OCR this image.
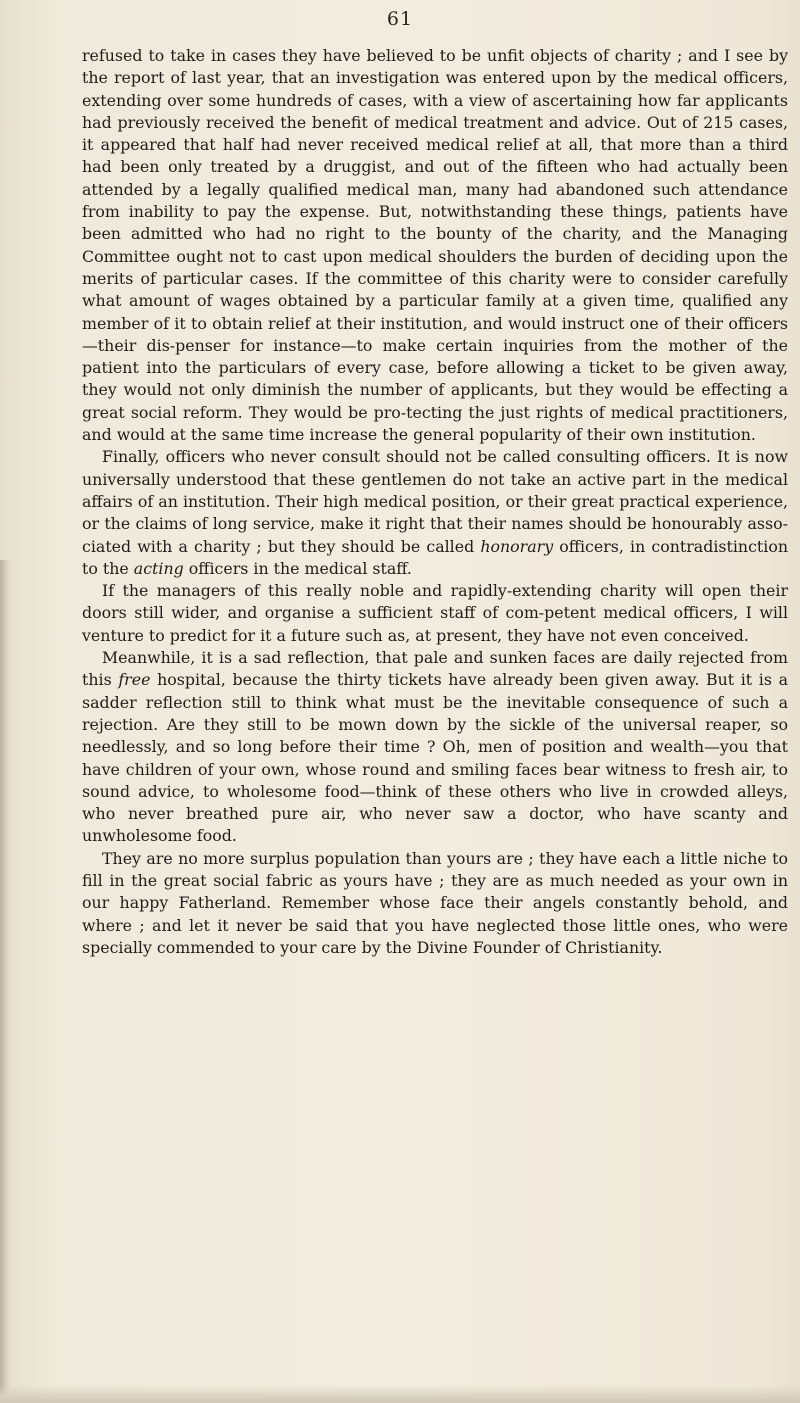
61

refused to take in cases they have believed to be unfit objects of charity ; and I see by the report of last year, that an investigation was entered upon by the medical officers, extending over some hundreds of cases, with a view of ascertaining how far applicants had previously received the benefit of medical treatment and advice. Out of 215 cases, it appeared that half had never received medical relief at all, that more than a third had been only treated by a druggist, and out of the fifteen who had actually been attended by a legally qualified medical man, many had abandoned such attendance from inability to pay the expense. But, notwithstanding these things, patients have been admitted who had no right to the bounty of the charity, and the Managing Committee ought not to cast upon medical shoulders the burden of deciding upon the merits of particular cases. If the committee of this charity were to consider carefully what amount of wages obtained by a particular family at a given time, qualified any member of it to obtain relief at their institution, and would instruct one of their officers—their dis-penser for instance—to make certain inquiries from the mother of the patient into the particulars of every case, before allowing a ticket to be given away, they would not only diminish the number of applicants, but they would be effecting a great social reform. They would be pro-tecting the just rights of medical practitioners, and would at the same time increase the general popularity of their own institution.

Finally, officers who never consult should not be called consulting officers. It is now universally understood that these gentlemen do not take an active part in the medical affairs of an institution. Their high medical position, or their great practical experience, or the claims of long service, make it right that their names should be honourably asso-ciated with a charity ; but they should be called honorary officers, in contradistinction to the acting officers in the medical staff.

If the managers of this really noble and rapidly-extending charity will open their doors still wider, and organise a sufficient staff of com-petent medical officers, I will venture to predict for it a future such as, at present, they have not even conceived.

Meanwhile, it is a sad reflection, that pale and sunken faces are daily rejected from this free hospital, because the thirty tickets have already been given away. But it is a sadder reflection still to think what must be the inevitable consequence of such a rejection. Are they still to be mown down by the sickle of the universal reaper, so needlessly, and so long before their time ? Oh, men of position and wealth—you that have children of your own, whose round and smiling faces bear witness to fresh air, to sound advice, to wholesome food—think of these others who live in crowded alleys, who never breathed pure air, who never saw a doctor, who have scanty and unwholesome food.

They are no more surplus population than yours are ; they have each a little niche to fill in the great social fabric as yours have ; they are as much needed as your own in our happy Fatherland. Remember whose face their angels constantly behold, and where ; and let it never be said that you have neglected those little ones, who were specially commended to your care by the Divine Founder of Christianity.
